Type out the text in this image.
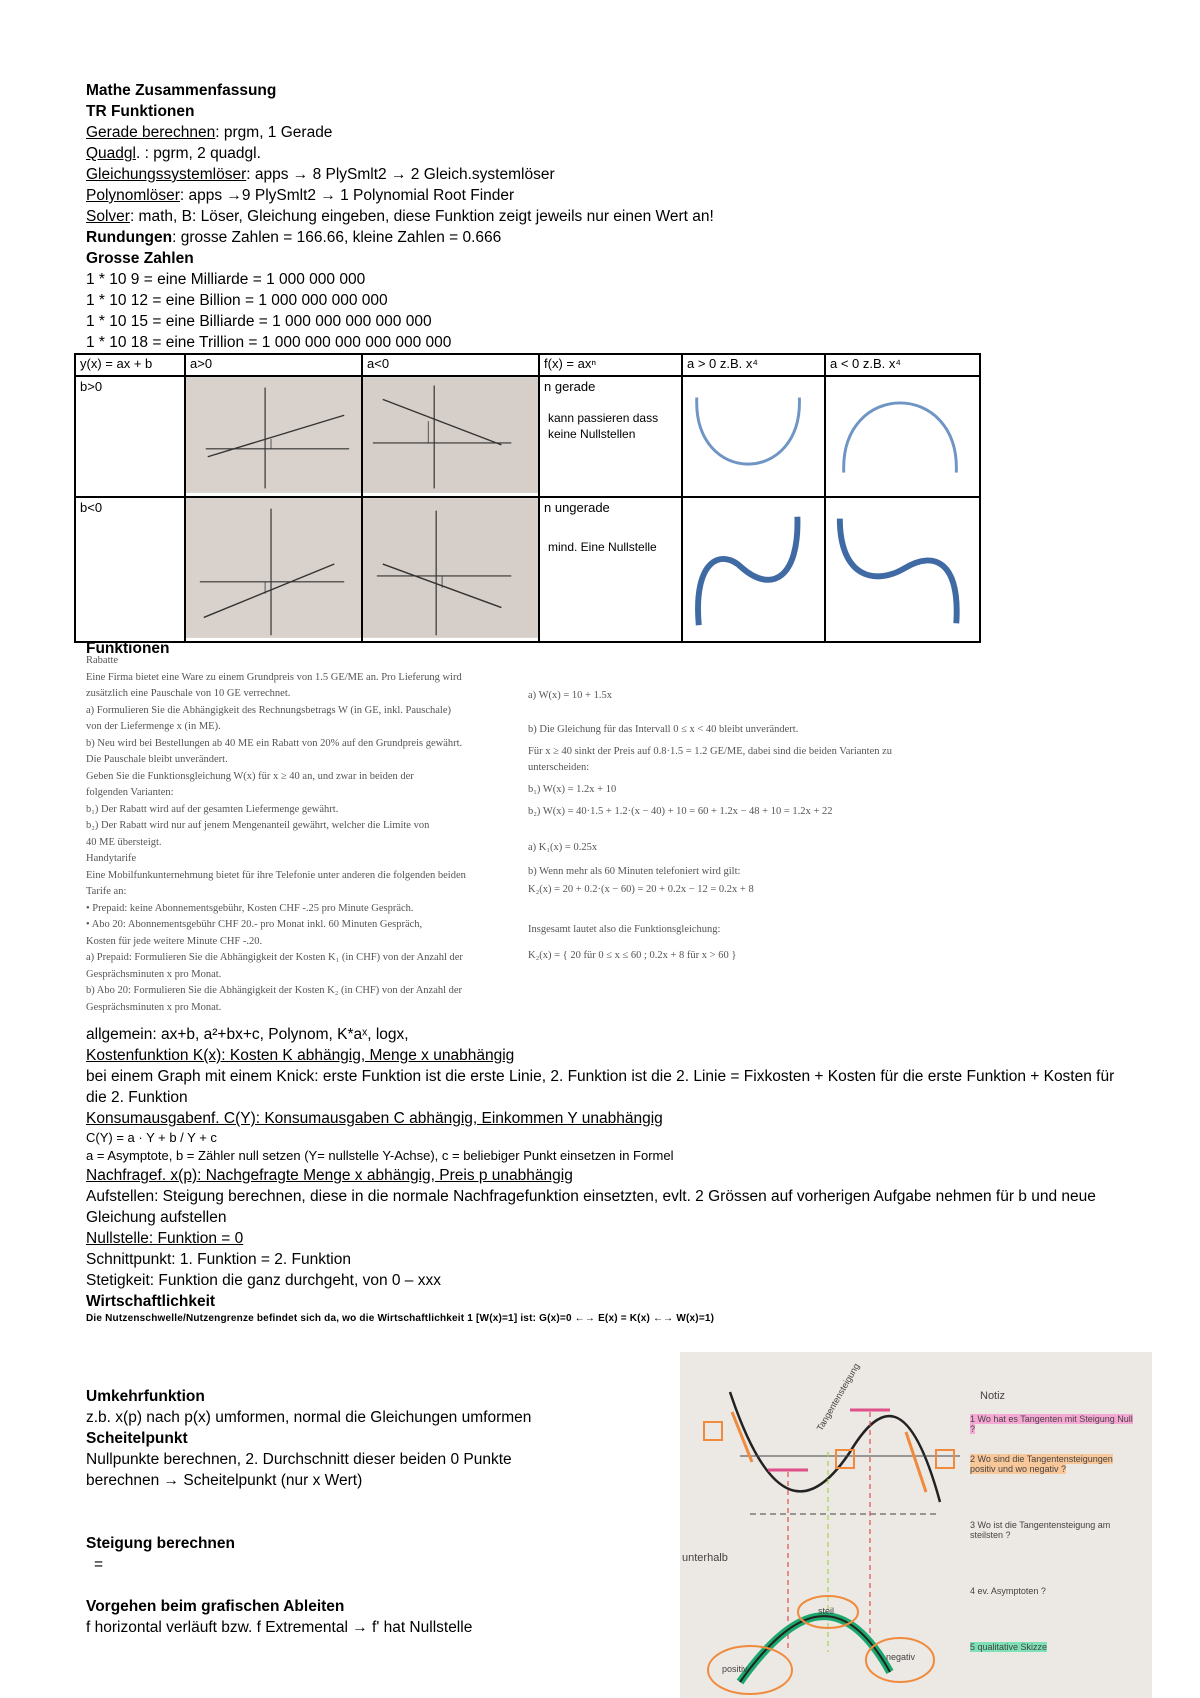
Mathe Zusammenfassung
TR Funktionen
Gerade berechnen: prgm, 1 Gerade
Quadgl. : pgrm, 2 quadgl.
Gleichungssystemlöser: apps → 8 PlySmlt2 → 2 Gleich.systemlöser
Polynomlöser: apps →9 PlySmlt2 → 1 Polynomial Root Finder
Solver: math, B: Löser, Gleichung eingeben, diese Funktion zeigt jeweils nur einen Wert an!
Rundungen: grosse Zahlen = 166.66, kleine Zahlen = 0.666
Grosse Zahlen
1 * 10 9 = eine Milliarde = 1 000 000 000
1 * 10 12 = eine Billion = 1 000 000 000 000
1 * 10 15 = eine Billiarde = 1 000 000 000 000 000
1 * 10 18 = eine Trillion = 1 000 000 000 000 000 000
y(x) = ax + b	a>0	a<0	f(x) = axⁿ	a > 0 z.B. x⁴	a < 0 z.B. x⁴

b>0			n gerade
kann passieren dass keine Nullstellen

b<0			n ungerade
mind. Eine Nullstelle

Funktionen
Rabatte
Eine Firma bietet eine Ware zu einem Grundpreis von 1.5 GE/ME an. Pro Lieferung wird
zusätzlich eine Pauschale von 10 GE verrechnet.
a) Formulieren Sie die Abhängigkeit des Rechnungsbetrags W (in GE, inkl. Pauschale)
von der Liefermenge x (in ME).
b) Neu wird bei Bestellungen ab 40 ME ein Rabatt von 20% auf den Grundpreis gewährt.
Die Pauschale bleibt unverändert.
Geben Sie die Funktionsgleichung W(x) für x ≥ 40 an, und zwar in beiden der
folgenden Varianten:
b₁) Der Rabatt wird auf der gesamten Liefermenge gewährt.
b₂) Der Rabatt wird nur auf jenem Mengenanteil gewährt, welcher die Limite von
40 ME übersteigt.
Handytarife
Eine Mobilfunkunternehmung bietet für ihre Telefonie unter anderen die folgenden beiden
Tarife an:
• Prepaid: keine Abonnementsgebühr, Kosten CHF -.25 pro Minute Gespräch.
• Abo 20: Abonnementsgebühr CHF 20.- pro Monat inkl. 60 Minuten Gespräch,
Kosten für jede weitere Minute CHF -.20.
a) Prepaid: Formulieren Sie die Abhängigkeit der Kosten K₁ (in CHF) von der Anzahl der
Gesprächsminuten x pro Monat.
b) Abo 20: Formulieren Sie die Abhängigkeit der Kosten K₂ (in CHF) von der Anzahl der
Gesprächsminuten x pro Monat.
a) W(x) = 10 + 1.5x
b) Die Gleichung für das Intervall 0 ≤ x < 40 bleibt unverändert.
Für x ≥ 40 sinkt der Preis auf 0.8·1.5 = 1.2 GE/ME, dabei sind die beiden Varianten zu
unterscheiden:
b₁) W(x) = 1.2x + 10
b₂) W(x) = 40·1.5 + 1.2·(x − 40) + 10 = 60 + 1.2x − 48 + 10 = 1.2x + 22
a) K₁(x) = 0.25x
b) Wenn mehr als 60 Minuten telefoniert wird gilt:
K₂(x) = 20 + 0.2·(x − 60) = 20 + 0.2x − 12 = 0.2x + 8
Insgesamt lautet also die Funktionsgleichung:
K₂(x) = { 20 für 0 ≤ x ≤ 60 ; 0.2x + 8 für x > 60 }
allgemein: ax+b, a²+bx+c, Polynom, K*aˣ, logx,
Kostenfunktion K(x): Kosten K abhängig, Menge x unabhängig
bei einem Graph mit einem Knick: erste Funktion ist die erste Linie, 2. Funktion ist die 2. Linie = Fixkosten + Kosten für die erste Funktion + Kosten für die 2. Funktion
Konsumausgabenf. C(Y): Konsumausgaben C abhängig, Einkommen Y unabhängig
C(Y) = a · Y + b / Y + c
a = Asymptote, b = Zähler null setzen (Y= nullstelle Y-Achse), c = beliebiger Punkt einsetzen in Formel
Nachfragef. x(p): Nachgefragte Menge x abhängig, Preis p unabhängig
Aufstellen: Steigung berechnen, diese in die normale Nachfragefunktion einsetzten, evlt. 2 Grössen auf vorherigen Aufgabe nehmen für b und neue Gleichung aufstellen
Nullstelle: Funktion = 0
Schnittpunkt: 1. Funktion = 2. Funktion
Stetigkeit: Funktion die ganz durchgeht, von 0 – xxx
Wirtschaftlichkeit
Die Nutzenschwelle/Nutzengrenze befindet sich da, wo die Wirtschaftlichkeit 1 [W(x)=1] ist: G(x)=0 ←→ E(x) = K(x) ←→ W(x)=1)
Umkehrfunktion
z.b. x(p) nach p(x) umformen, normal die Gleichungen umformen
Scheitelpunkt
Nullpunkte berechnen, 2. Durchschnitt dieser beiden 0 Punkte
berechnen → Scheitelpunkt (nur x Wert)
Steigung berechnen
=
Vorgehen beim grafischen Ableiten
f horizontal verläuft bzw. f Extremental → f' hat Nullstelle
Notiz
1 Wo hat es Tangenten mit Steigung Null ?
2 Wo sind die Tangentensteigungen positiv und wo negativ ?
3 Wo ist die Tangentensteigung am steilsten ?
4 ev. Asymptoten ?
5 qualitative Skizze
positiv
negativ
steil
Tangentensteigung
unterhalb
